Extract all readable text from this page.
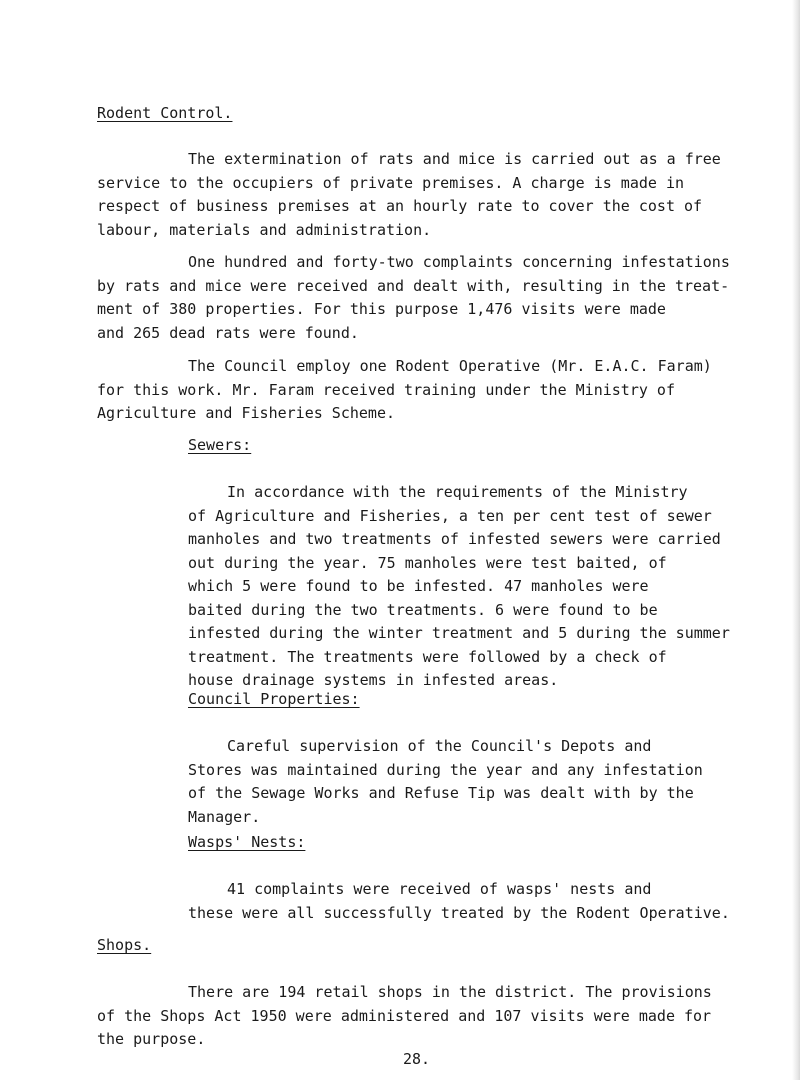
Rodent Control.

The extermination of rats and mice is carried out as a free
service to the occupiers of private premises. A charge is made in
respect of business premises at an hourly rate to cover the cost of
labour, materials and administration.

One hundred and forty-two complaints concerning infestations
by rats and mice were received and dealt with, resulting in the treat-
ment of 380 properties. For this purpose 1,476 visits were made
and 265 dead rats were found.

The Council employ one Rodent Operative (Mr. E.A.C. Faram)
for this work. Mr. Faram received training under the Ministry of
Agriculture and Fisheries Scheme.

Sewers:

In accordance with the requirements of the Ministry
of Agriculture and Fisheries, a ten per cent test of sewer
manholes and two treatments of infested sewers were carried
out during the year. 75 manholes were test baited, of
which 5 were found to be infested. 47 manholes were
baited during the two treatments. 6 were found to be
infested during the winter treatment and 5 during the summer
treatment. The treatments were followed by a check of
house drainage systems in infested areas.

Council Properties:

Careful supervision of the Council's Depots and
Stores was maintained during the year and any infestation
of the Sewage Works and Refuse Tip was dealt with by the
Manager.

Wasps' Nests:

41 complaints were received of wasps' nests and
these were all successfully treated by the Rodent Operative.

Shops.

There are 194 retail shops in the district. The provisions
of the Shops Act 1950 were administered and 107 visits were made for
the purpose.

28.
